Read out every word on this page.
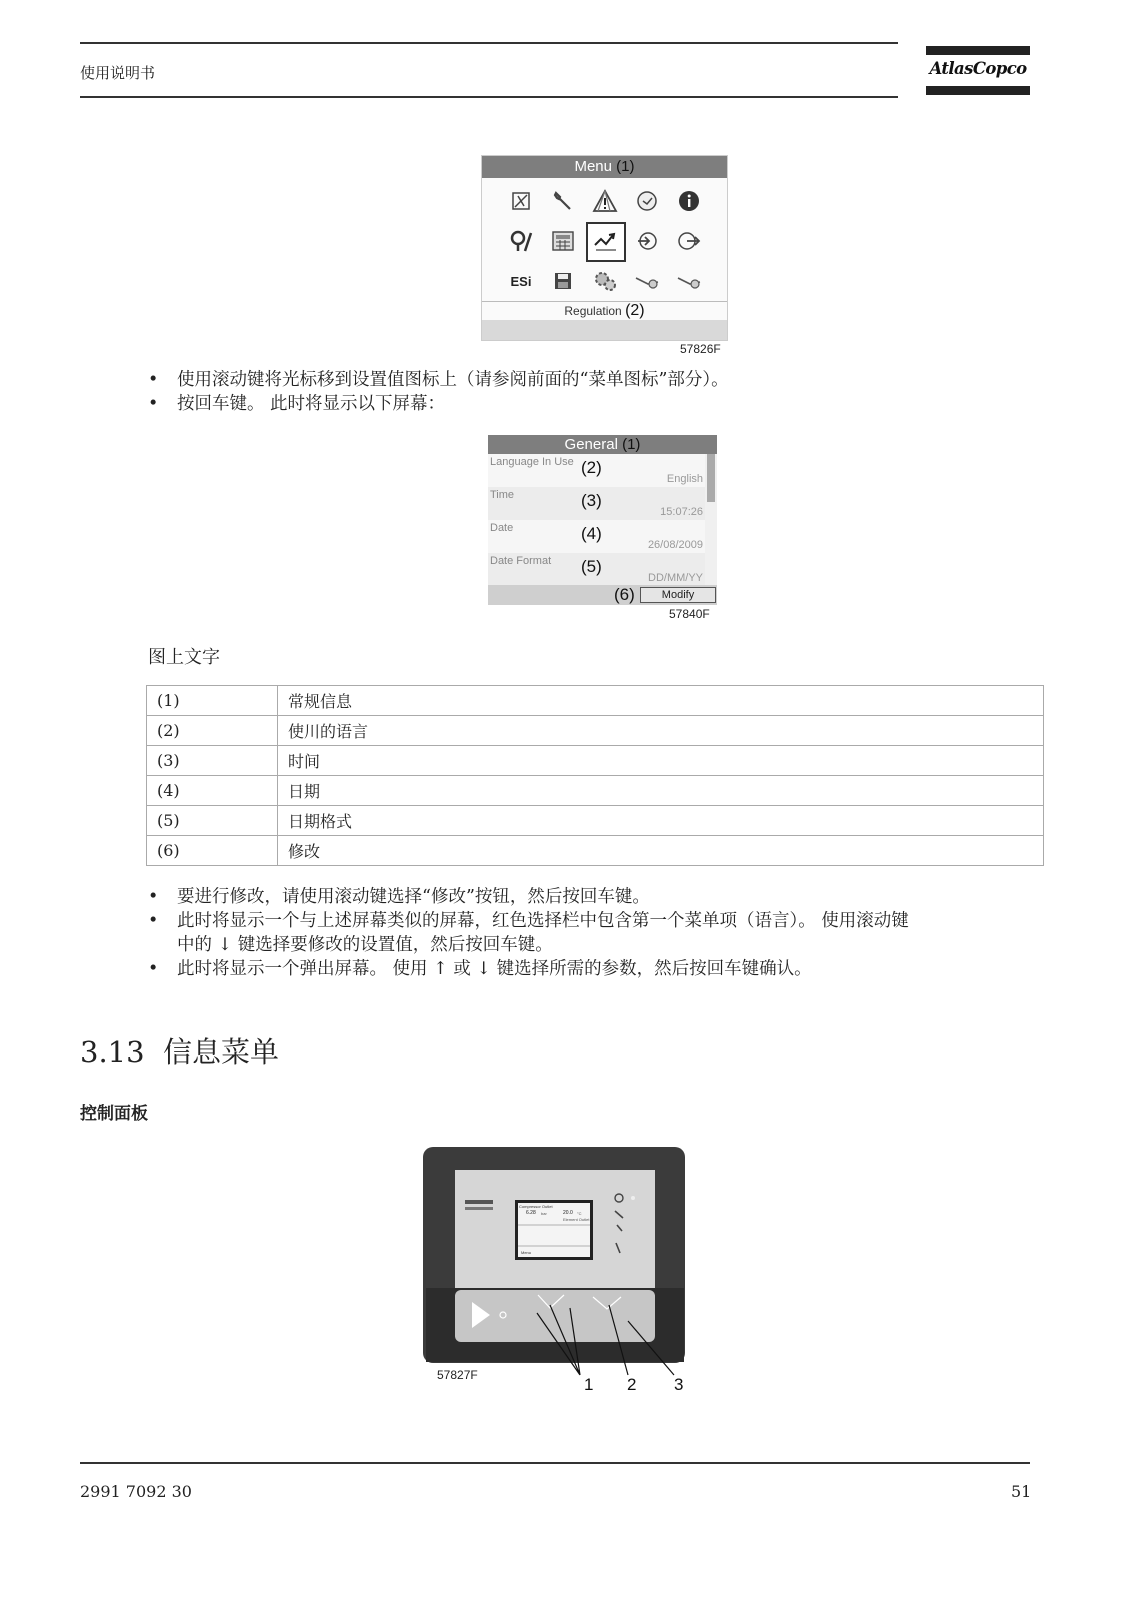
使用说明书	AtlasCopco
Menu (1)
ESi
Regulation (2)
57826F
• 使用滚动键将光标移到设置值图标上（请参阅前面的“菜单图标”部分）。
• 按回车键。 此时将显示以下屏幕：
General (1)
Language In Use (2)
English
Time	(3)
15:07:26
Date	(4)
26/08/2009
Date Format (5)
DD/MM/YY
(6)	Modify
57840F
图上文字
(1)	常规信息
(2)	使川的语言
(3)	时间
(4)	日期
(5)	日期格式
(6)	修改
• 要进行修改，请使用滚动键选择“修改”按钮，然后按回车键。
• 此时将显示一个与上述屏幕类似的屏幕，红色选择栏中包含第一个菜单项（语言）。 使用滚动键
中的 ↓ 键选择要修改的设置值，然后按回车键。
• 此时将显示一个弹出屏幕。 使用 ↑ 或 ↓ 键选择所需的参数，然后按回车键确认。
3.13 信息菜单
控制面板
Compressor Outlet
6.28 bar	20.0 °C
Element Outlet
Menu
57827F	1 2 3
2991 7092 30	51
